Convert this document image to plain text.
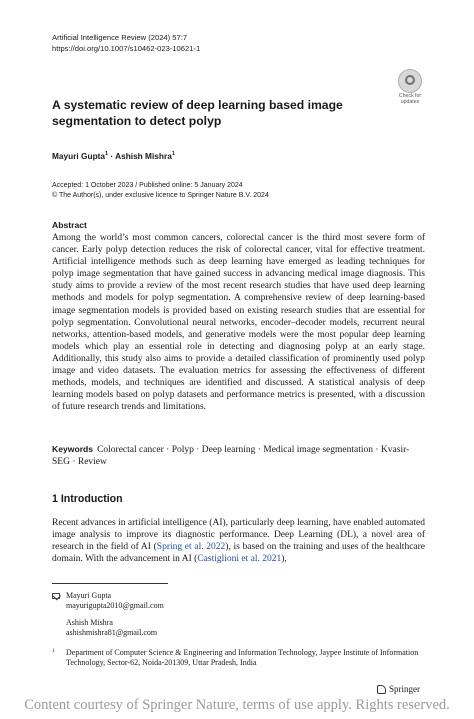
Artificial Intelligence Review (2024) 57:7
https://doi.org/10.1007/s10462-023-10621-1
Check for
updates
A systematic review of deep learning based image segmentation to detect polyp
Mayuri Gupta$^1$ · Ashish Mishra$^1$
Accepted: 1 October 2023 / Published online: 5 January 2024
© The Author(s), under exclusive licence to Springer Nature B.V. 2024
Abstract

Among the world’s most common cancers, colorectal cancer is the third most severe form of cancer. Early polyp detection reduces the risk of colorectal cancer, vital for effective treatment. Artificial intelligence methods such as deep learning have emerged as leading techniques for polyp image segmentation that have gained success in advancing medical image diagnosis. This study aims to provide a review of the most recent research studies that have used deep learning methods and models for polyp segmentation. A comprehensive review of deep learning-based image segmentation models is provided based on existing research studies that are essential for polyp segmentation. Convolutional neural networks, encoder–decoder models, recurrent neural networks, attention-based models, and generative models were the most popular deep learning models which play an essential role in detecting and diagnosing polyp at an early stage. Additionally, this study also aims to provide a detailed classification of prominently used polyp image and video datasets. The evaluation metrics for assessing the effectiveness of different methods, models, and techniques are identified and discussed. A statistical analysis of deep learning models based on polyp datasets and performance metrics is presented, with a discussion of future research trends and limitations.

Keywords Colorectal cancer · Polyp · Deep learning · Medical image segmentation · Kvasir-SEG · Review
1 Introduction

Recent advances in artificial intelligence (AI), particularly deep learning, have enabled automated image analysis to improve its diagnostic performance. Deep Learning (DL), a novel area of research in the field of AI (Spring et al. 2022), is based on the training and uses of the healthcare domain. With the advancement in AI (Castiglioni et al. 2021),

Mayuri Gupta
mayurigupta2010@gmail.com
Ashish Mishra
ashishmishra81@gmail.com
1 Department of Computer Science & Engineering and Information Technology, Jaypee Institute of Information Technology, Sector-62, Noida-201309, Uttar Pradesh, India
Springer
Content courtesy of Springer Nature, terms of use apply. Rights reserved.
